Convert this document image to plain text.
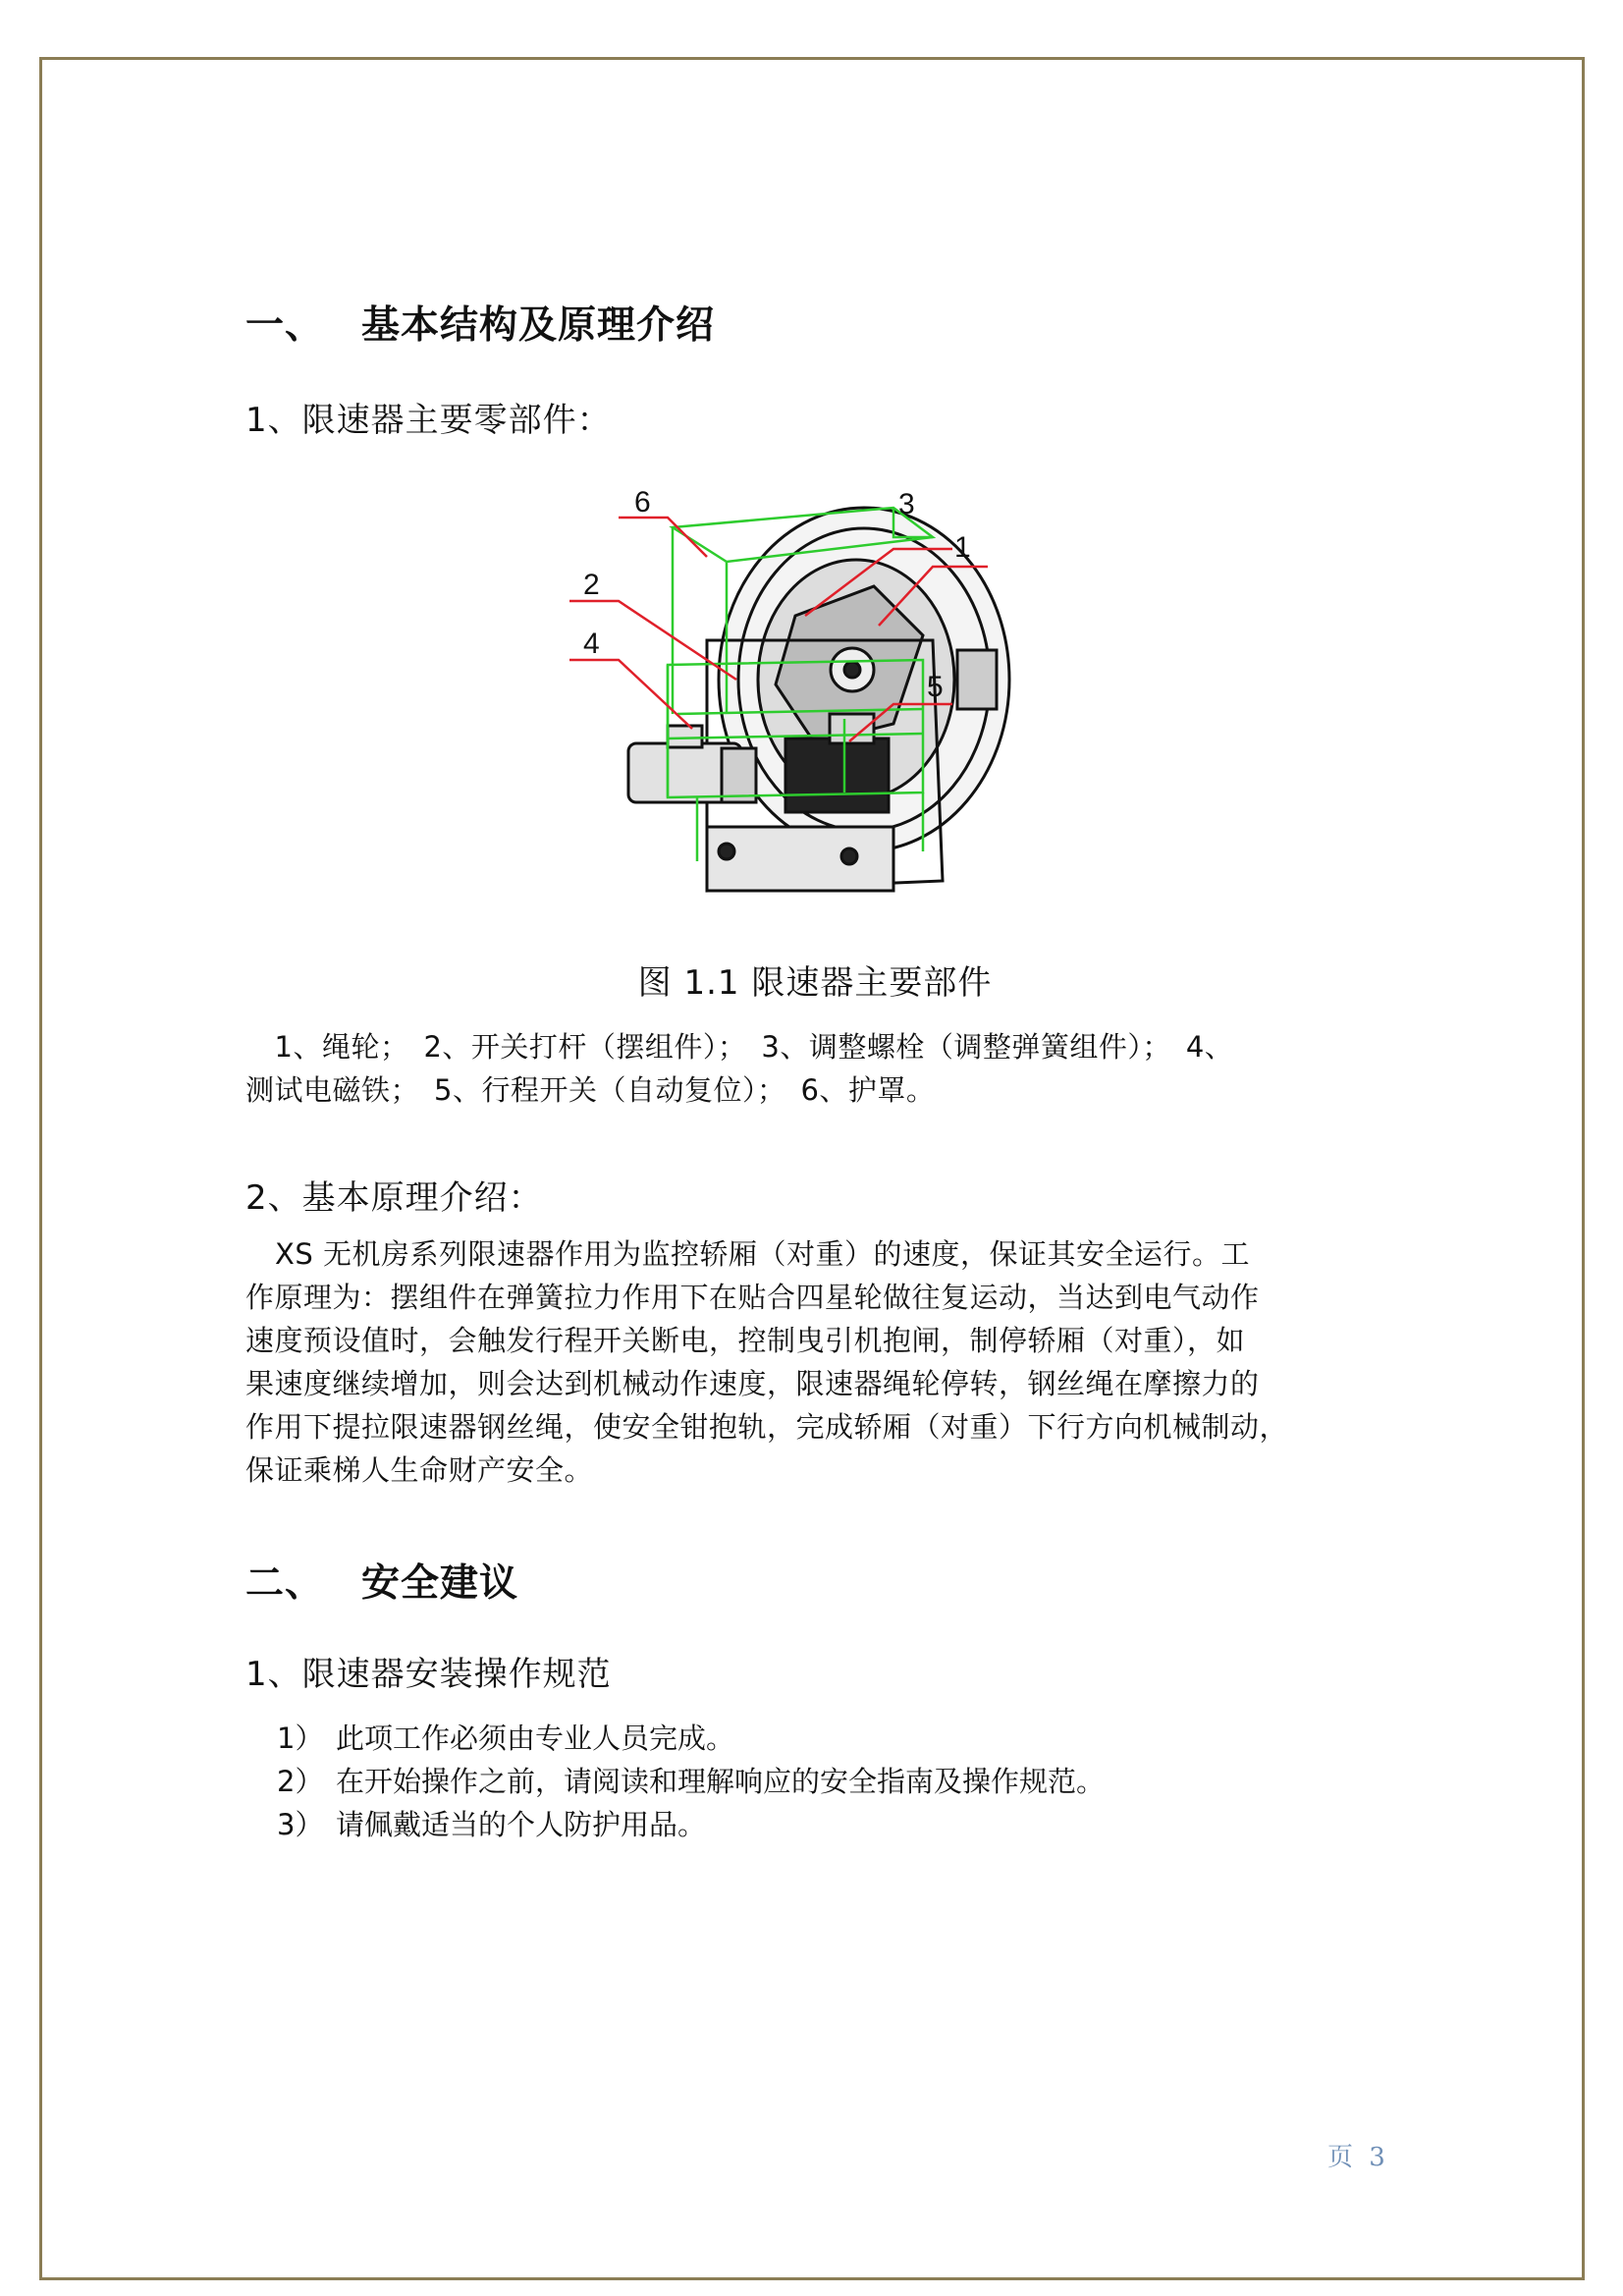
一、 基本结构及原理介绍

1、限速器主要零部件：

6	3
1
2
4
5

图 1.1 限速器主要部件

　1、绳轮；　2、开关打杆（摆组件）；　3、调整螺栓（调整弹簧组件）；　4、

测试电磁铁；　5、行程开关（自动复位）；　6、护罩。

2、基本原理介绍：

XS 无机房系列限速器作用为监控轿厢（对重）的速度，保证其安全运行。工

作原理为：摆组件在弹簧拉力作用下在贴合四星轮做往复运动，当达到电气动作

速度预设值时，会触发行程开关断电，控制曳引机抱闸，制停轿厢（对重），如

果速度继续增加，则会达到机械动作速度，限速器绳轮停转，钢丝绳在摩擦力的

作用下提拉限速器钢丝绳，使安全钳抱轨，完成轿厢（对重）下行方向机械制动，

保证乘梯人生命财产安全。

二、 安全建议

1、限速器安装操作规范

1） 此项工作必须由专业人员完成。
2） 在开始操作之前，请阅读和理解响应的安全指南及操作规范。
3） 请佩戴适当的个人防护用品。
页 3
